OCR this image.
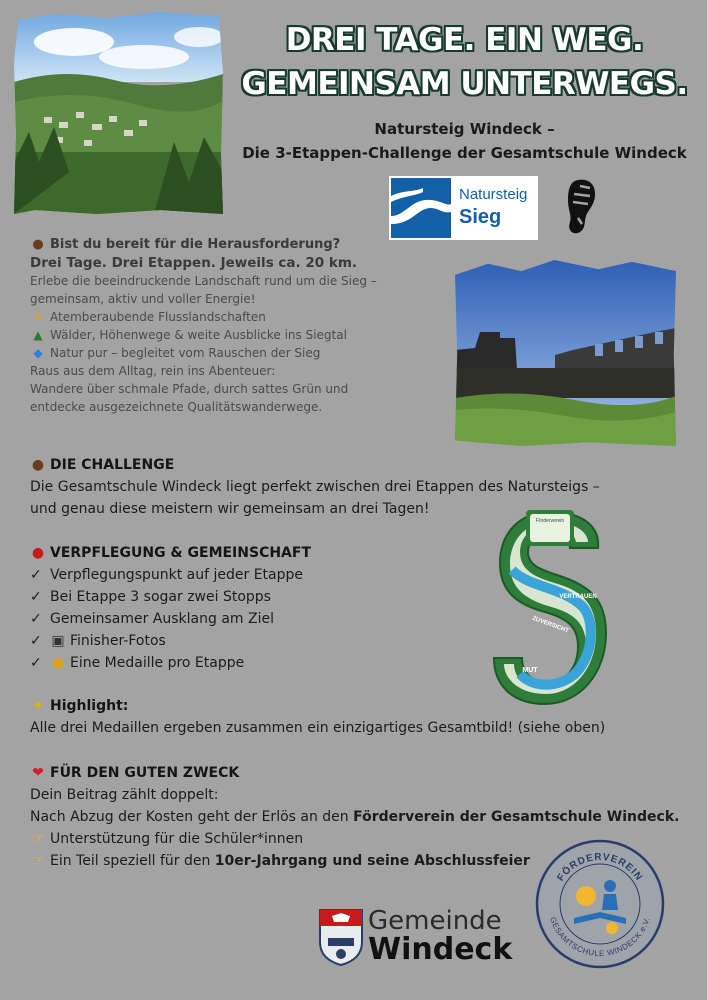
DREI TAGE. EIN WEG.
GEMEINSAM UNTERWEGS.
Natursteig Windeck –
Die 3-Etappen-Challenge der Gesamtschule Windeck
Natursteig
Sieg
● Bist du bereit für die Herausforderung?
Drei Tage. Drei Etappen. Jeweils ca. 20 km.
Erlebe die beeindruckende Landschaft rund um die Sieg –
gemeinsam, aktiv und voller Energie!
☀ Atemberaubende Flusslandschaften
▲ Wälder, Höhenwege & weite Ausblicke ins Siegtal
◆ Natur pur – begleitet vom Rauschen der Sieg
Raus aus dem Alltag, rein ins Abenteuer:
Wandere über schmale Pfade, durch sattes Grün und
entdecke ausgezeichnete Qualitätswanderwege.
● DIE CHALLENGE
Die Gesamtschule Windeck liegt perfekt zwischen drei Etappen des Natursteigs –
und genau diese meistern wir gemeinsam an drei Tagen!
● VERPFLEGUNG & GEMEINSCHAFT
✓ Verpflegungspunkt auf jeder Etappe
✓ Bei Etappe 3 sogar zwei Stopps
✓ Gemeinsamer Ausklang am Ziel
✓ ▣ Finisher-Fotos
✓ ● Eine Medaille pro Etappe
Förderverein
VERTRAUEN
ZUVERSICHT
MUT
✦ Highlight:
Alle drei Medaillen ergeben zusammen ein einzigartiges Gesamtbild! (siehe oben)
❤ FÜR DEN GUTEN ZWECK
Dein Beitrag zählt doppelt:
Nach Abzug der Kosten geht der Erlös an den Förderverein der Gesamtschule Windeck.
☞ Unterstützung für die Schüler*innen
☞ Ein Teil speziell für den 10er-Jahrgang und seine Abschlussfeier
Gemeinde
Windeck
FÖRDERVEREIN
GESAMTSCHULE WINDECK e.V.
